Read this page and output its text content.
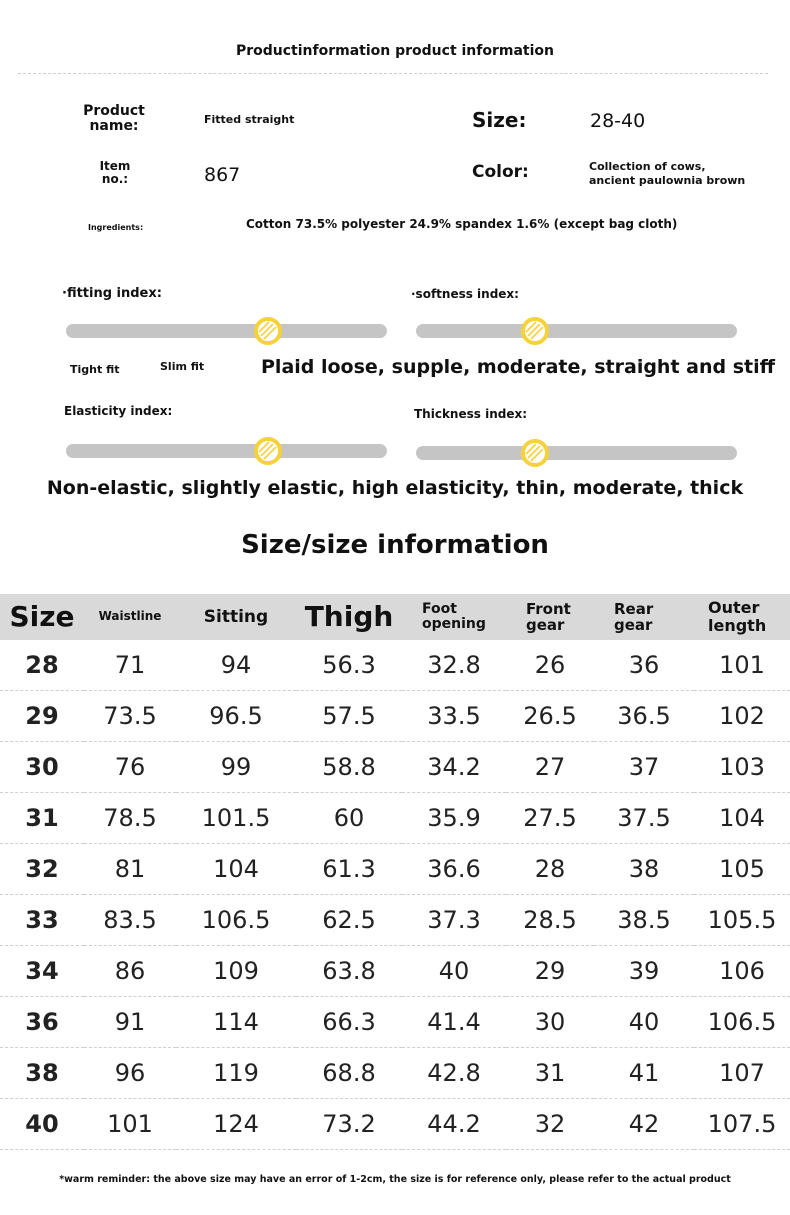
Productinformation product information
Product name:	Fitted straight
Item no.:	867
Ingredients:	Cotton 73.5% polyester 24.9% spandex 1.6% (except bag cloth)
Size:	28-40
Color:	Collection of cows,
ancient paulownia brown
·fitting index:	·softness index:
Tight fit	Slim fit	Plaid loose, supple, moderate, straight and stiff
Elasticity index:	Thickness index:
Non-elastic, slightly elastic, high elasticity, thin, moderate, thick
Size/size information
Size	Waistline	Sitting	Thigh	Foot opening	Front gear	Rear gear	Outer length
28	71	94	56.3	32.8	26	36	101
29	73.5	96.5	57.5	33.5	26.5	36.5	102
30	76	99	58.8	34.2	27	37	103
31	78.5	101.5	60	35.9	27.5	37.5	104
32	81	104	61.3	36.6	28	38	105
33	83.5	106.5	62.5	37.3	28.5	38.5	105.5
34	86	109	63.8	40	29	39	106
36	91	114	66.3	41.4	30	40	106.5
38	96	119	68.8	42.8	31	41	107
40	101	124	73.2	44.2	32	42	107.5
*warm reminder: the above size may have an error of 1-2cm, the size is for reference only, please refer to the actual product
